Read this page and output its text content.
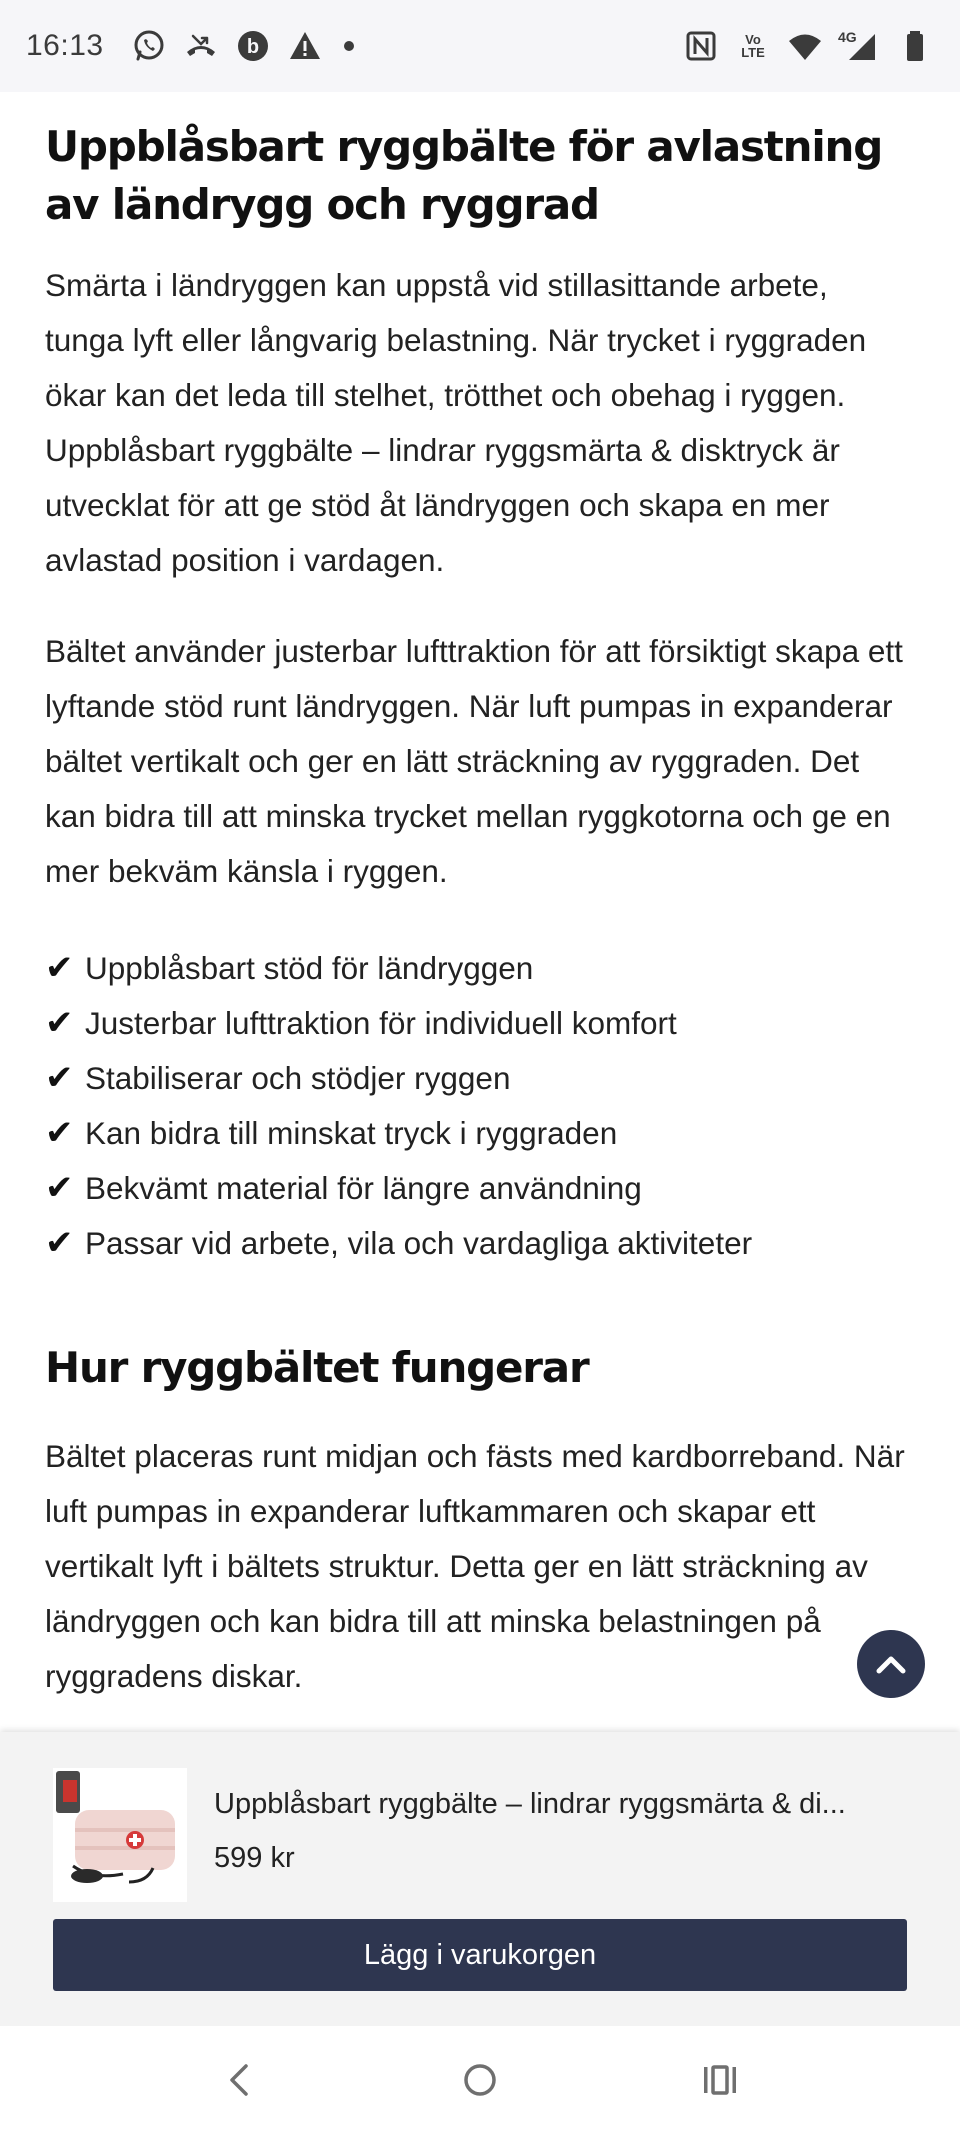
16:13	b	Vo LTE
4G
Uppblåsbart ryggbälte för avlastning av ländrygg och ryggrad

Smärta i ländryggen kan uppstå vid stillasittande arbete, tunga lyft eller långvarig belastning. När trycket i ryggraden ökar kan det leda till stelhet, trötthet och obehag i ryggen. Uppblåsbart ryggbälte – lindrar ryggsmärta & disktryck är utvecklat för att ge stöd åt ländryggen och skapa en mer avlastad position i vardagen.

Bältet använder justerbar lufttraktion för att försiktigt skapa ett lyftande stöd runt ländryggen. När luft pumpas in expanderar bältet vertikalt och ger en lätt sträckning av ryggraden. Det kan bidra till att minska trycket mellan ryggkotorna och ge en mer bekväm känsla i ryggen.

✔ Uppblåsbart stöd för ländryggen
✔ Justerbar lufttraktion för individuell komfort
✔ Stabiliserar och stödjer ryggen
✔ Kan bidra till minskat tryck i ryggraden
✔ Bekvämt material för längre användning
✔ Passar vid arbete, vila och vardagliga aktiviteter
Hur ryggbältet fungerar

Bältet placeras runt midjan och fästs med kardborreband. När luft pumpas in expanderar luftkammaren och skapar ett vertikalt lyft i bältets struktur. Detta ger en lätt sträckning av ländryggen och kan bidra till att minska belastningen på ryggradens diskar.

Uppblåsbart ryggbälte – lindrar ryggsmärta & di...
599 kr
Lägg i varukorgen
